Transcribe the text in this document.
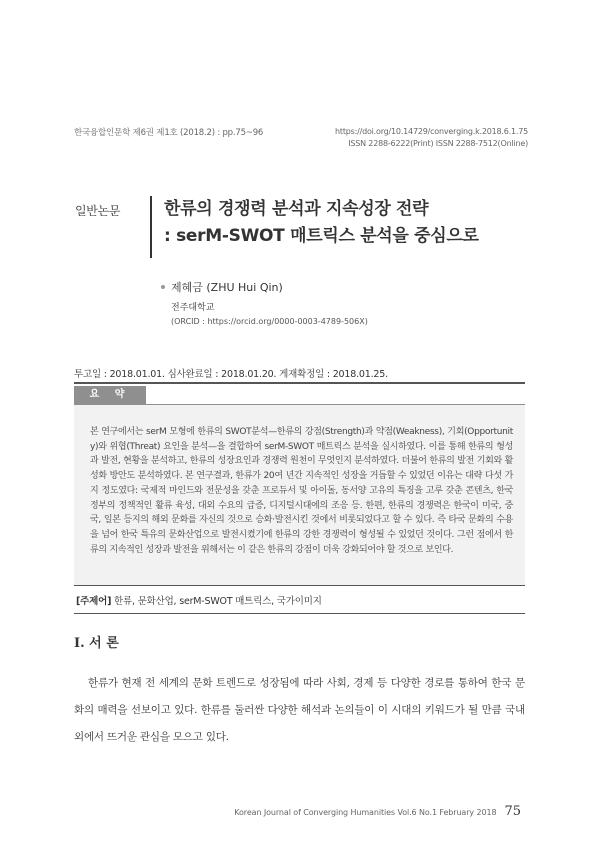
한국융합인문학 제6권 제1호 (2018.2) : pp.75~96	https://doi.org/10.14729/converging.k.2018.6.1.75
ISSN 2288-6222(Print) ISSN 2288-7512(Online)
일반논문	한류의 경쟁력 분석과 지속성장 전략
: serM-SWOT 매트릭스 분석을 중심으로
제혜금 (ZHU Hui Qin)
전주대학교
(ORCID : https://orcid.org/0000-0003-4789-506X)
투고일 : 2018.01.01. 심사완료일 : 2018.01.20. 게재확정일 : 2018.01.25.
요 약
본 연구에서는 serM 모형에 한류의 SWOT분석—한류의 강점(Strength)과 약점(Weakness), 기회(Opportunity)와 위협(Threat) 요인을 분석—을 결합하여 serM-SWOT 매트릭스 분석을 실시하였다. 이를 통해 한류의 형성과 발전, 현황을 분석하고, 한류의 성장요인과 경쟁력 원천이 무엇인지 분석하였다. 더불어 한류의 발전 기회와 활성화 방안도 분석하였다. 본 연구결과, 한류가 20여 년간 지속적인 성장을 거듭할 수 있었던 이유는 대략 다섯 가지 정도였다: 국제적 마인드와 전문성을 갖춘 프로듀서 및 아이돌, 동서양 고유의 특징을 고루 갖춘 콘텐츠, 한국정부의 정책적인 활류 육성, 대외 수요의 급증, 디지털시대에의 조응 등. 한편, 한류의 경쟁력은 한국이 미국, 중국, 일본 등지의 해외 문화를 자신의 것으로 승화·발전시킨 것에서 비롯되었다고 할 수 있다. 즉 타국 문화의 수용을 넘어 한국 특유의 문화산업으로 발전시켰기에 한류의 강한 경쟁력이 형성될 수 있었던 것이다. 그런 점에서 한류의 지속적인 성장과 발전을 위해서는 이 같은 한류의 강점이 더욱 강화되어야 할 것으로 보인다.
[주제어] 한류, 문화산업, serM-SWOT 매트릭스, 국가이미지
I. 서 론
한류가 현재 전 세계의 문화 트렌드로 성장됨에 따라 사회, 경제 등 다양한 경로를 통하여 한국 문화의 매력을 선보이고 있다. 한류를 둘러싼 다양한 해석과 논의들이 이 시대의 키워드가 될 만큼 국내외에서 뜨거운 관심을 모으고 있다.
Korean Journal of Converging Humanities Vol.6 No.1 February 2018 75
